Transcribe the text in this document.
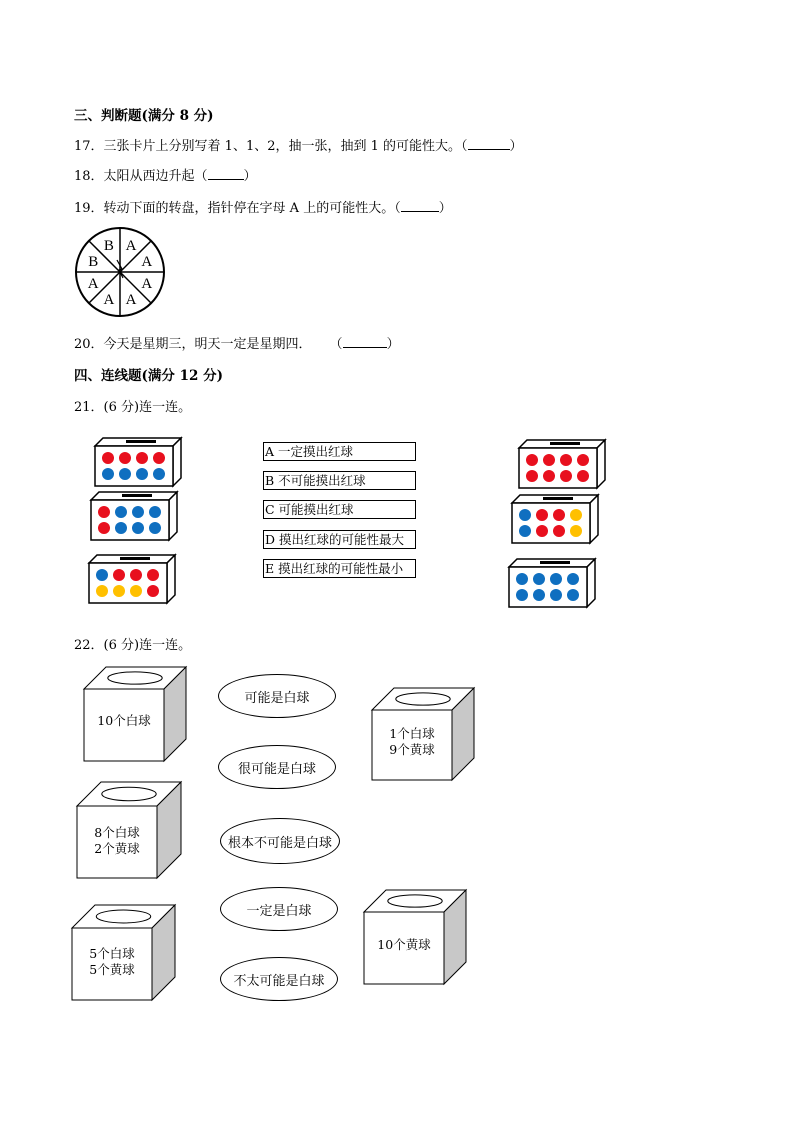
三、判断题(满分 8 分)
17．三张卡片上分别写着 1、1、2，抽一张，抽到 1 的可能性大。（	）
18．太阳从西边升起（	）
19．转动下面的转盘，指针停在字母 A 上的可能性大。（	）
A
A
A
A
A
A
B
B
20．今天是星期三，明天一定是星期四． （	）
四、连线题(满分 12 分)
21．(6 分)连一连。
A 一定摸出红球
B 不可能摸出红球
C 可能摸出红球
D 摸出红球的可能性最大
E 摸出红球的可能性最小
22．(6 分)连一连。
10个白球
8个白球
2个黄球
5个白球
5个黄球
1个白球
9个黄球
10个黄球
可能是白球
很可能是白球
根本不可能是白球
一定是白球
不太可能是白球
